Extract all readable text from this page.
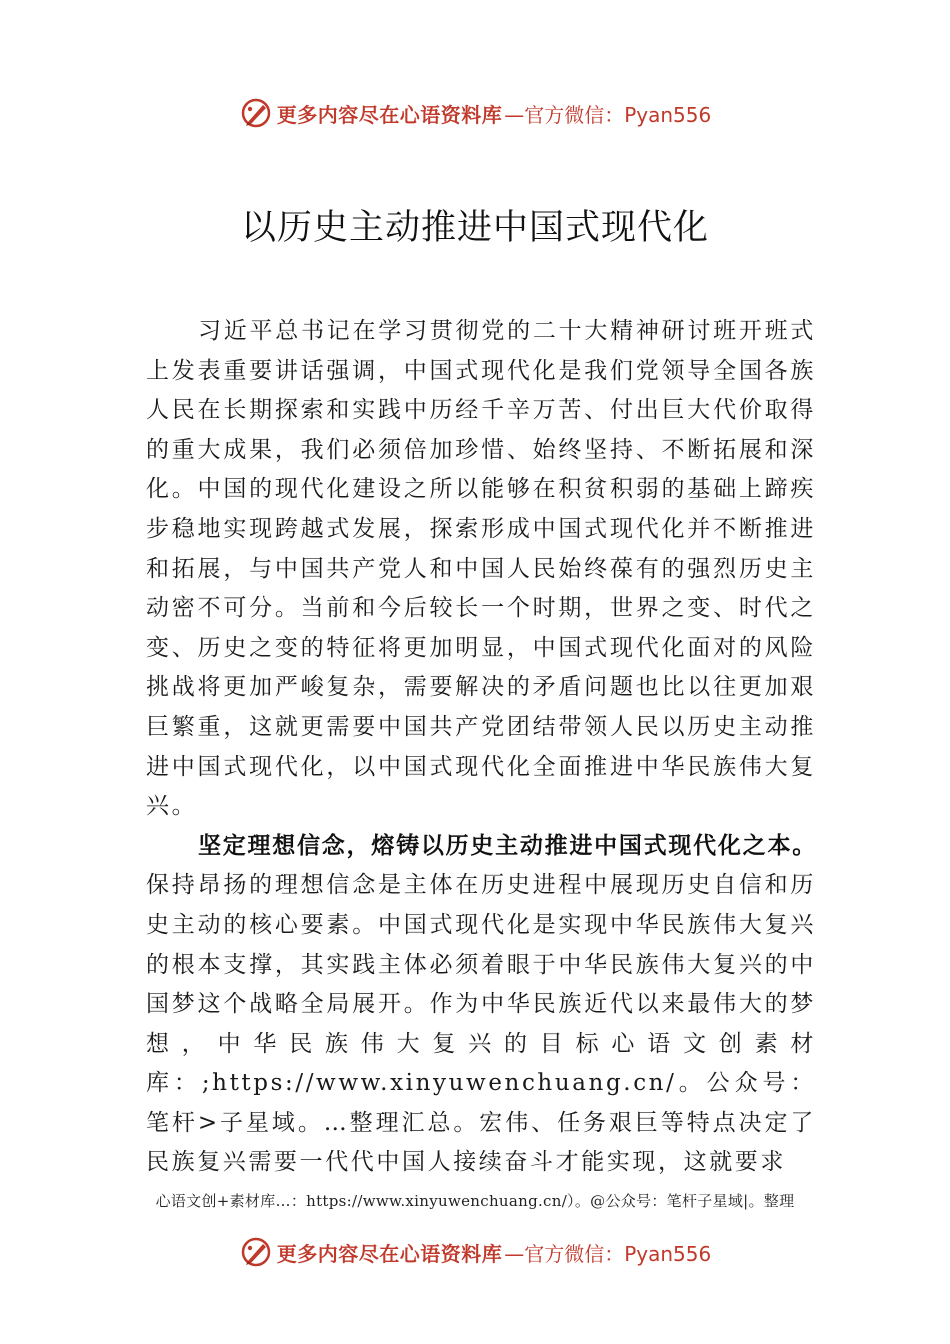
更多内容尽在心语资料库 —官方微信：Pyan556
以历史主动推进中国式现代化

习近平总书记在学习贯彻党的二十大精神研讨班开班式上发表重要讲话强调，中国式现代化是我们党领导全国各族人民在长期探索和实践中历经千辛万苦、付出巨大代价取得的重大成果，我们必须倍加珍惜、始终坚持、不断拓展和深化。中国的现代化建设之所以能够在积贫积弱的基础上蹄疾步稳地实现跨越式发展，探索形成中国式现代化并不断推进和拓展，与中国共产党人和中国人民始终葆有的强烈历史主动密不可分。当前和今后较长一个时期，世界之变、时代之变、历史之变的特征将更加明显，中国式现代化面对的风险挑战将更加严峻复杂，需要解决的矛盾问题也比以往更加艰巨繁重，这就更需要中国共产党团结带领人民以历史主动推进中国式现代化，以中国式现代化全面推进中华民族伟大复兴。

坚定理想信念，熔铸以历史主动推进中国式现代化之本。保持昂扬的理想信念是主体在历史进程中展现历史自信和历史主动的核心要素。中国式现代化是实现中华民族伟大复兴的根本支撑，其实践主体必须着眼于中华民族伟大复兴的中国梦这个战略全局展开。作为中华民族近代以来最伟大的梦想，中华民族伟大复兴的目标心语文创素材库：;https://www.xinyuwenchuang.cn/。公众号：笔杆>子星域。…整理汇总。宏伟、任务艰巨等特点决定了民族复兴需要一代代中国人接续奋斗才能实现，这就要求

心语文创+素材库…：https://www.xinyuwenchuang.cn/）。@公众号：笔杆子星域|。整理
更多内容尽在心语资料库 —官方微信：Pyan556
